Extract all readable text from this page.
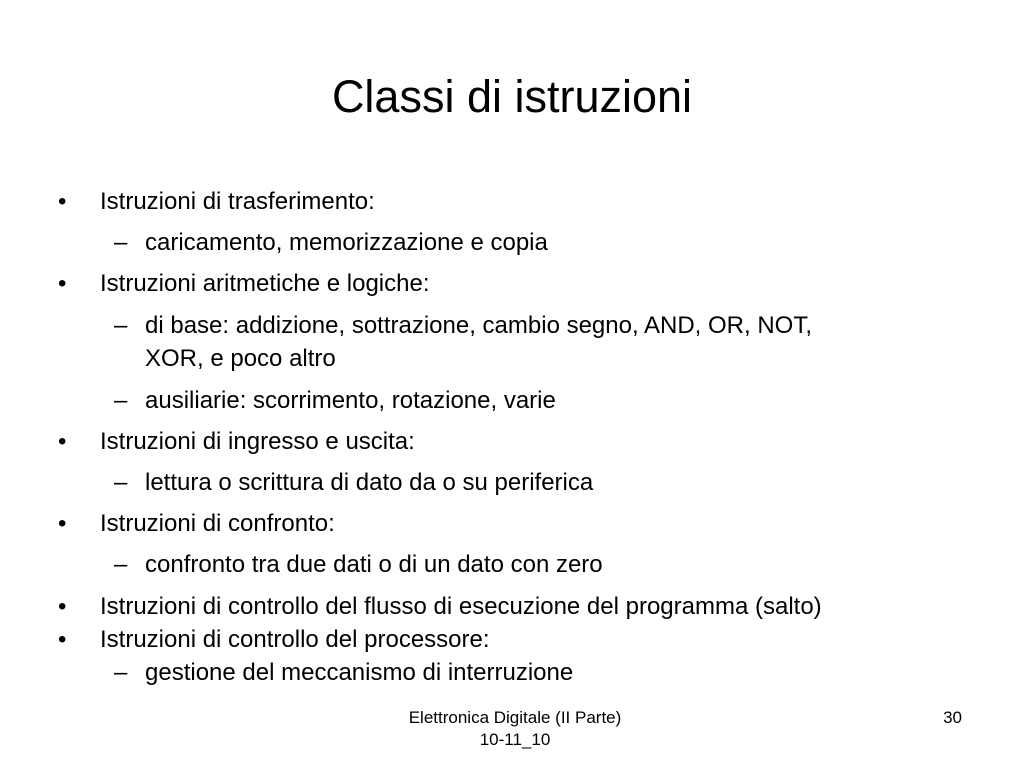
Classi di istruzioni
• Istruzioni di trasferimento:
– caricamento, memorizzazione e copia
• Istruzioni aritmetiche e logiche:
– di base: addizione, sottrazione, cambio segno, AND, OR, NOT,
XOR, e poco altro
– ausiliarie: scorrimento, rotazione, varie
• Istruzioni di ingresso e uscita:
– lettura o scrittura di dato da o su periferica
• Istruzioni di confronto:
– confronto tra due dati o di un dato con zero
• Istruzioni di controllo del flusso di esecuzione del programma (salto)
• Istruzioni di controllo del processore:
– gestione del meccanismo di interruzione
Elettronica Digitale (II Parte)
10-11_10
30
